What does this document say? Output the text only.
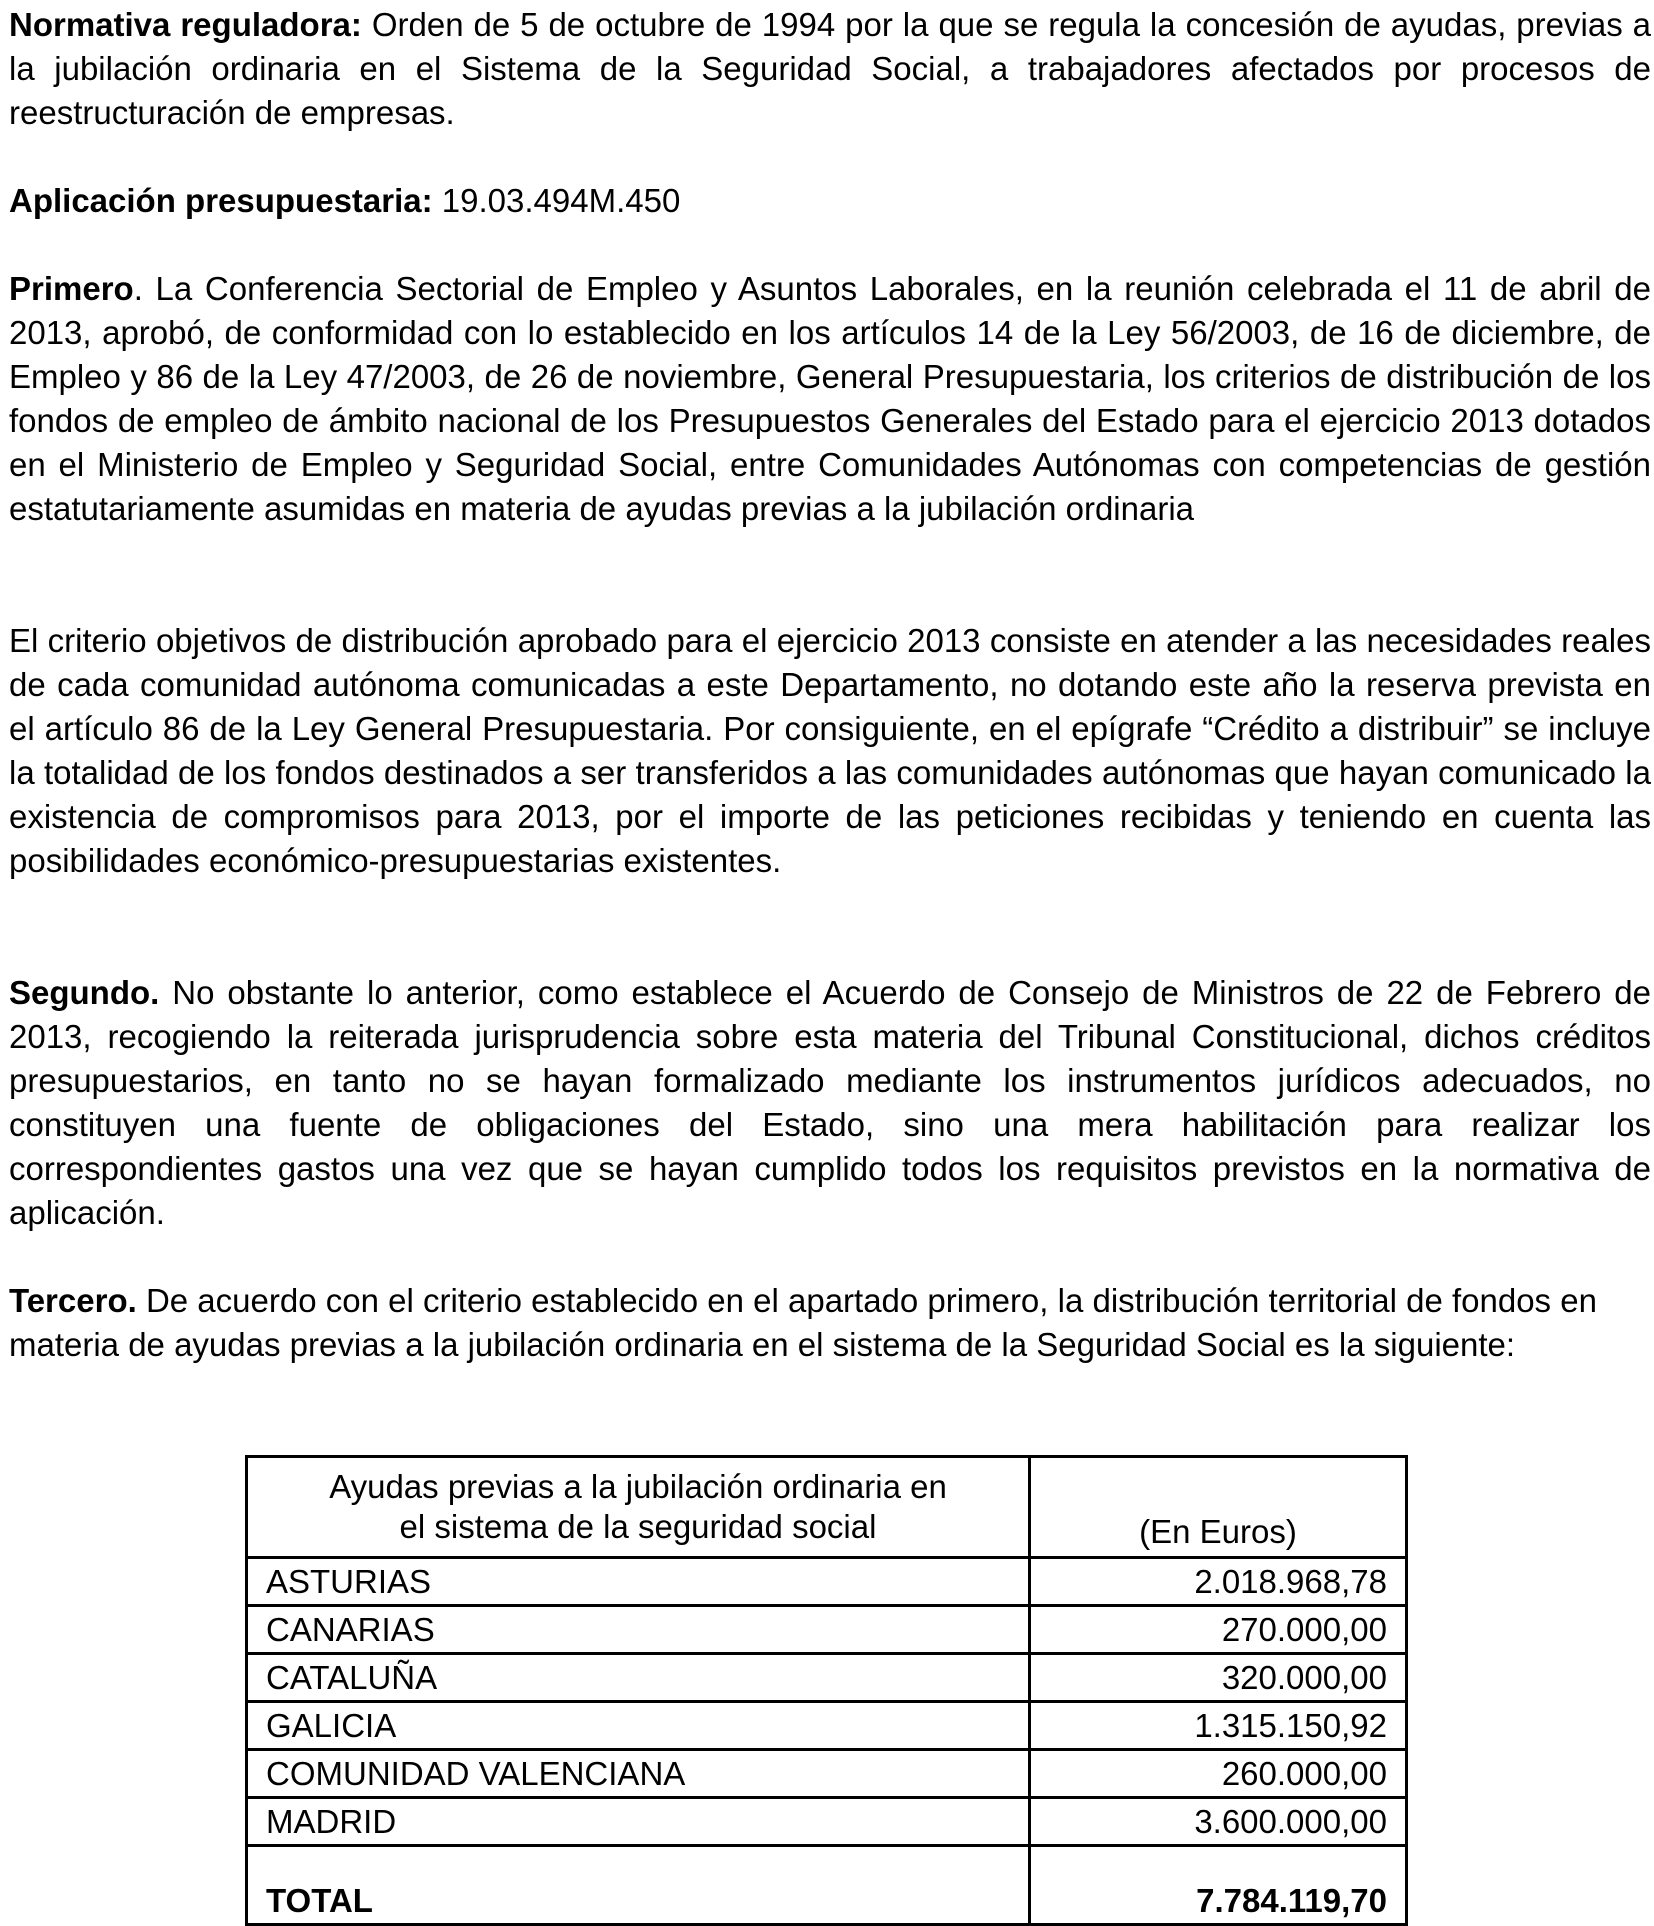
Normativa reguladora: Orden de 5 de octubre de 1994 por la que se regula la concesión de ayudas, previas a la jubilación ordinaria en el Sistema de la Seguridad Social, a trabajadores afectados por procesos de reestructuración de empresas.

Aplicación presupuestaria: 19.03.494M.450

Primero. La Conferencia Sectorial de Empleo y Asuntos Laborales, en la reunión celebrada el 11 de abril de 2013, aprobó, de conformidad con lo establecido en los artículos 14 de la Ley 56/2003, de 16 de diciembre, de Empleo y 86 de la Ley 47/2003, de 26 de noviembre, General Presupuestaria, los criterios de distribución de los fondos de empleo de ámbito nacional de los Presupuestos Generales del Estado para el ejercicio 2013 dotados en el Ministerio de Empleo y Seguridad Social, entre Comunidades Autónomas con competencias de gestión estatutariamente asumidas en materia de ayudas previas a la jubilación ordinaria

El criterio objetivos de distribución aprobado para el ejercicio 2013 consiste en atender a las necesidades reales de cada comunidad autónoma comunicadas a este Departamento, no dotando este año la reserva prevista en el artículo 86 de la Ley General Presupuestaria. Por consiguiente, en el epígrafe “Crédito a distribuir” se incluye la totalidad de los fondos destinados a ser transferidos a las comunidades autónomas que hayan comunicado la existencia de compromisos para 2013, por el importe de las peticiones recibidas y teniendo en cuenta las posibilidades económico-presupuestarias existentes.

Segundo. No obstante lo anterior, como establece el Acuerdo de Consejo de Ministros de 22 de Febrero de 2013, recogiendo la reiterada jurisprudencia sobre esta materia del Tribunal Constitucional, dichos créditos presupuestarios, en tanto no se hayan formalizado mediante los instrumentos jurídicos adecuados, no constituyen una fuente de obligaciones del Estado, sino una mera habilitación para realizar los correspondientes gastos una vez que se hayan cumplido todos los requisitos previstos en la normativa de aplicación.

Tercero. De acuerdo con el criterio establecido en el apartado primero, la distribución territorial de fondos en materia de ayudas previas a la jubilación ordinaria en el sistema de la Seguridad Social es la siguiente:

Ayudas previas a la jubilación ordinaria en
el sistema de la seguridad social	(En Euros)
ASTURIAS	2.018.968,78
CANARIAS	270.000,00
CATALUÑA	320.000,00
GALICIA	1.315.150,92
COMUNIDAD VALENCIANA	260.000,00
MADRID	3.600.000,00
TOTAL	7.784.119,70
